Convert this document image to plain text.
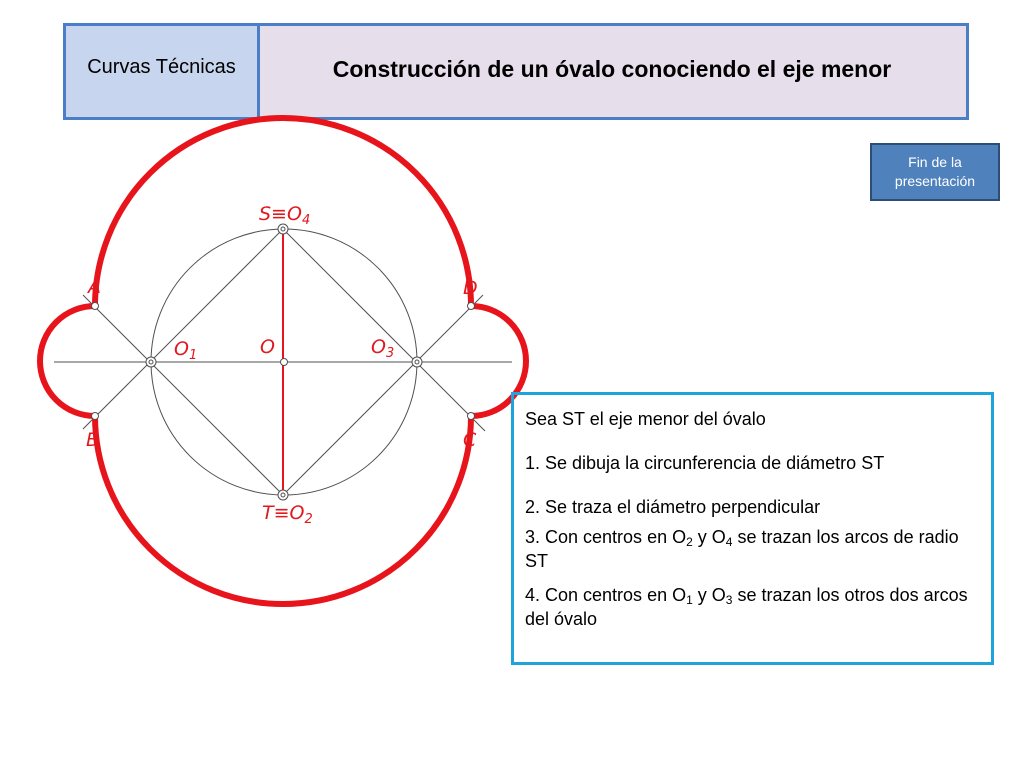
Curvas Técnicas	Construcción de un óvalo conociendo el eje menor
Fin de la
presentación
$S\equiv O_4$
$T\equiv O_2$
O
$O_1$	$O_3$
A
B	C
D

Sea ST el eje menor del óvalo

1. Se dibuja la circunferencia de diámetro ST

2. Se traza el diámetro perpendicular

3. Con centros en $O_2$ y $O_4$ se trazan los arcos de radio ST

4. Con centros en $O_1$ y $O_3$ se trazan los otros dos arcos del óvalo
